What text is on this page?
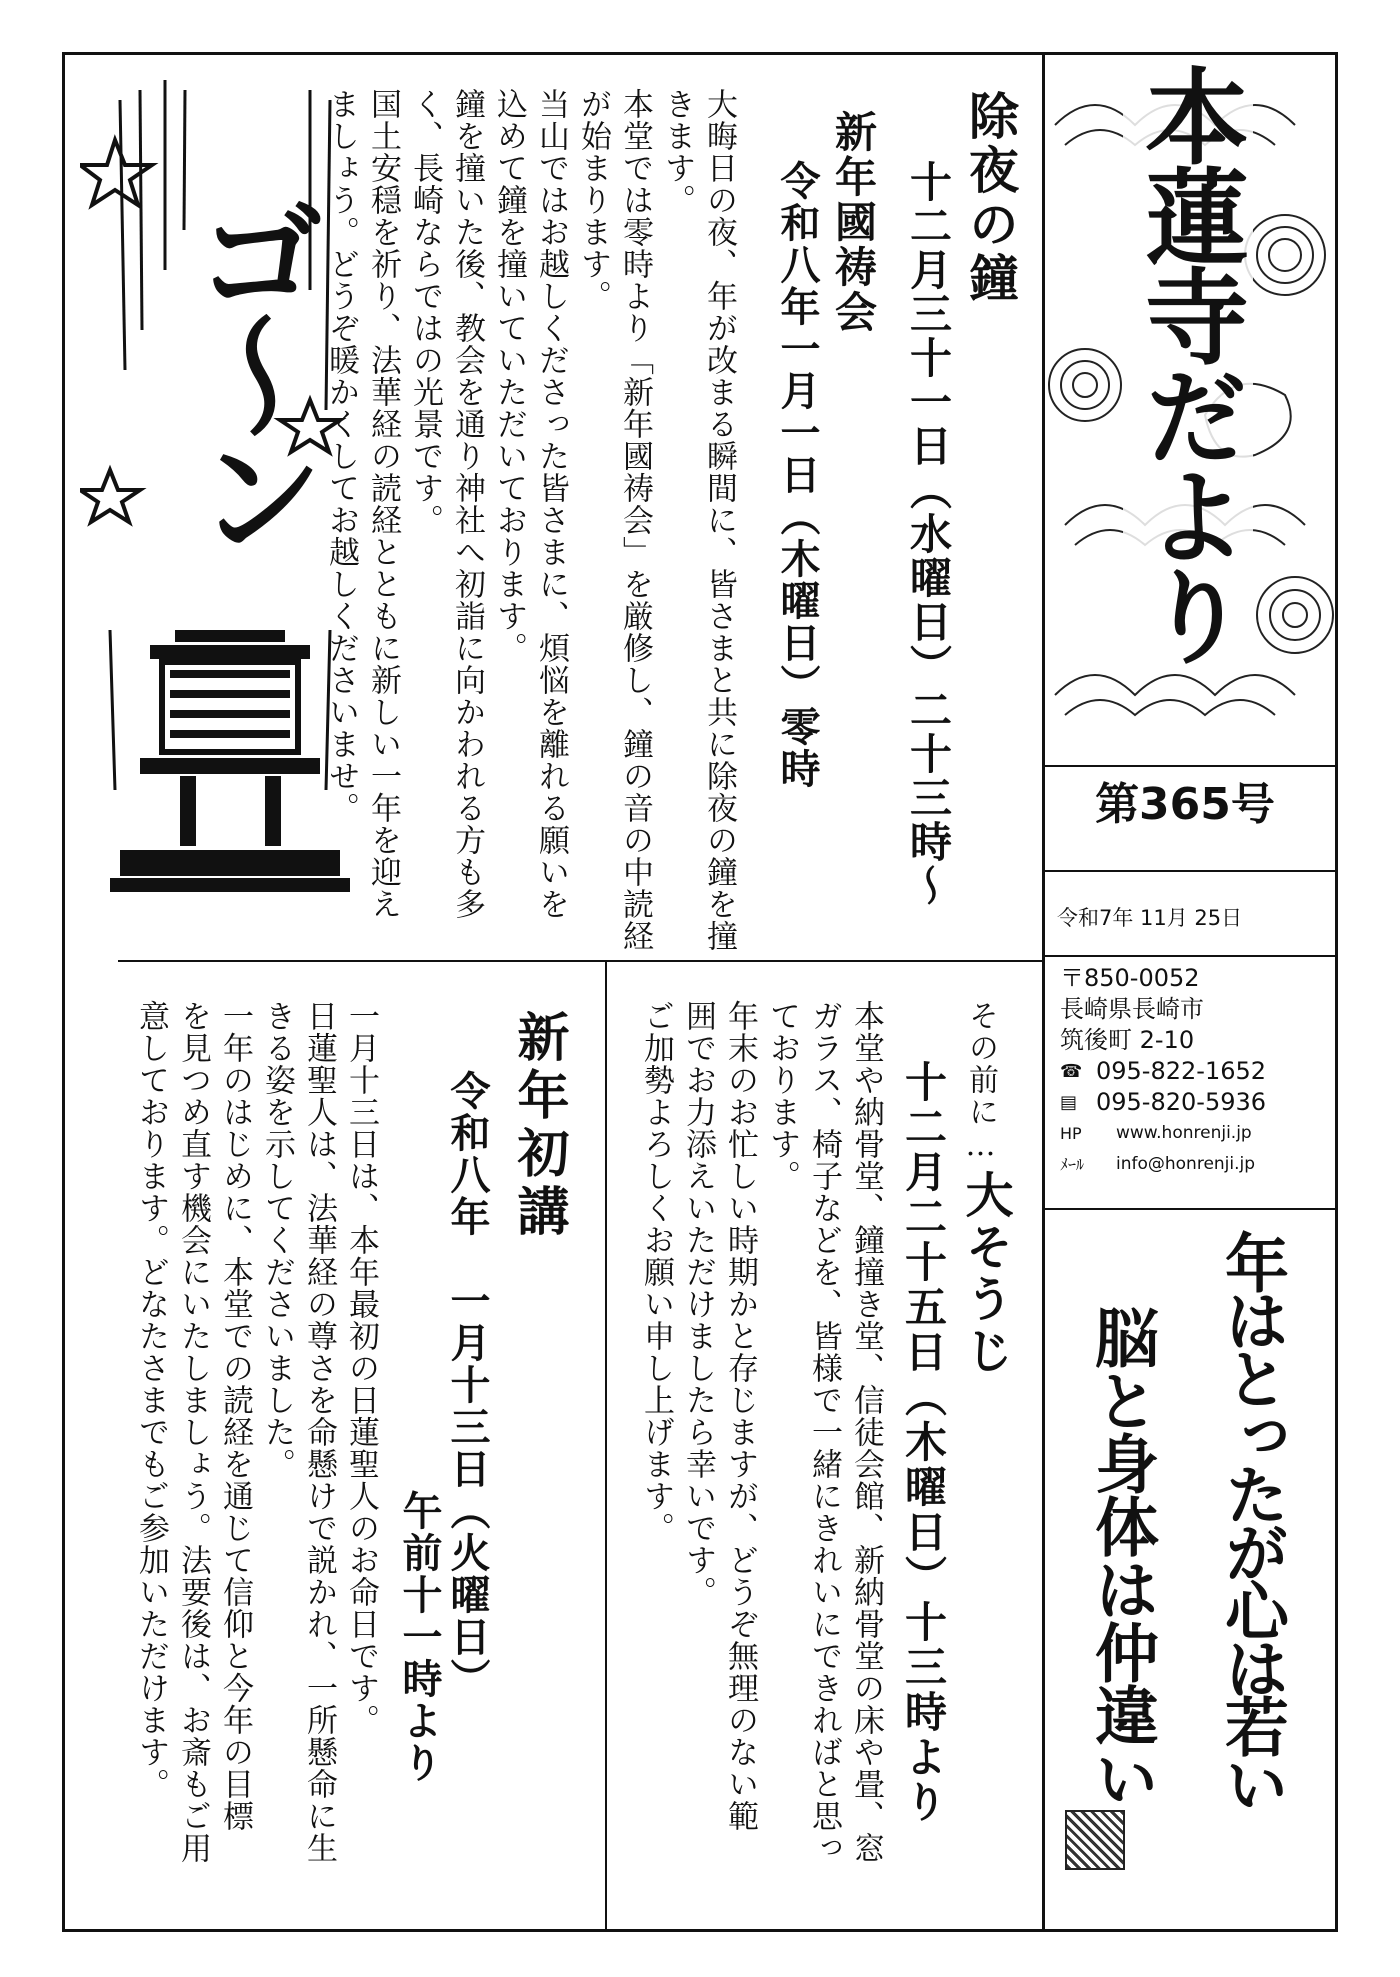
本蓮寺だより
第365号
令和7年 11月 25日
〒850-0052
長崎県長崎市
筑後町 2-10
☎ 095-822-1652
▤ 095-820-5936
HP	www.honrenji.jp
ﾒｰﾙ	info@honrenji.jp
年はとったが心は若い
脳と身体は仲違い
ゴ〜ン	除夜の鐘
十二月三十一日（水曜日）二十三時〜
新年國祷会
令和八年一月一日（木曜日）零時
大晦日の夜、年が改まる瞬間に、皆さまと共に除夜の鐘を撞
きます。
本堂では零時より「新年國祷会」を厳修し、鐘の音の中読経
が始まります。
当山ではお越しくださった皆さまに、煩悩を離れる願いを
込めて鐘を撞いていただいております。
鐘を撞いた後、教会を通り神社へ初詣に向かわれる方も多
く、長崎ならではの光景です。
国土安穏を祈り、法華経の読経とともに新しい一年を迎え
ましょう。どうぞ暖かくしてお越しくださいませ。
その前に…
大そうじ
十二月二十五日（木曜日）十三時より
本堂や納骨堂、鐘撞き堂、信徒会館、新納骨堂の床や畳、窓
ガラス、椅子などを、皆様で一緒にきれいにできればと思っ
ております。
年末のお忙しい時期かと存じますが、どうぞ無理のない範
囲でお力添えいただけましたら幸いです。
ご加勢よろしくお願い申し上げます。
新年初講
令和八年　一月十三日（火曜日）
午前十一時より
一月十三日は、本年最初の日蓮聖人のお命日です。
日蓮聖人は、法華経の尊さを命懸けで説かれ、一所懸命に生
きる姿を示してくださいました。
一年のはじめに、本堂での読経を通じて信仰と今年の目標
を見つめ直す機会にいたしましょう。法要後は、お斎もご用
意しております。どなたさまでもご参加いただけます。
